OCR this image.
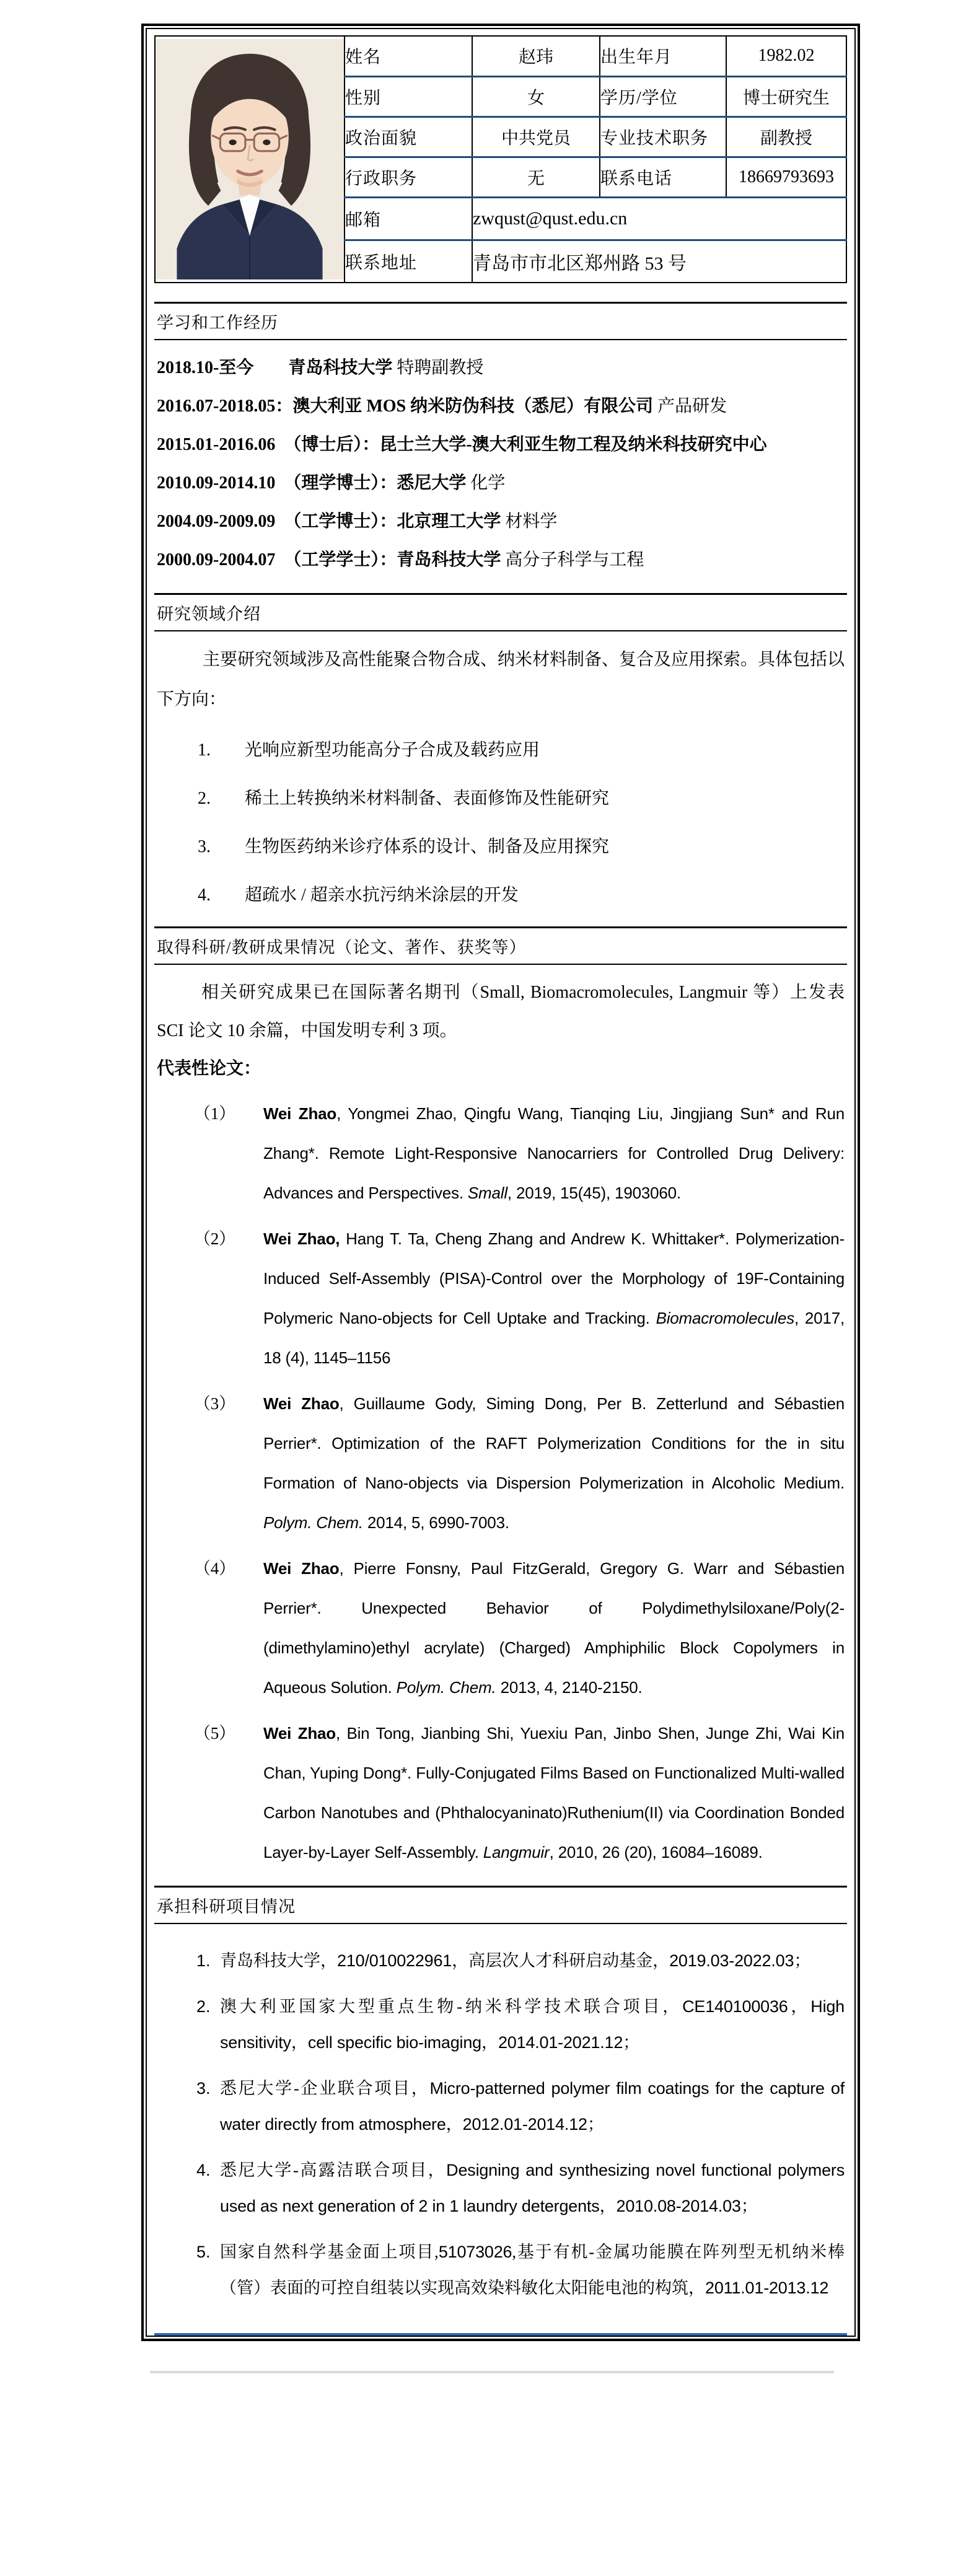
	姓名	赵玮	出生年月	1982.02
	性别	女	学历/学位	博士研究生
	政治面貌	中共党员	专业技术职务	副教授
	行政职务	无	联系电话	18669793693
	邮箱	zwqust@qust.edu.cn		
	联系地址	青岛市市北区郑州路 53 号		
学习和工作经历
2018.10-至今　　青岛科技大学 特聘副教授
2016.07-2018.05：澳大利亚 MOS 纳米防伪科技（悉尼）有限公司 产品研发
2015.01-2016.06　（博士后）：昆士兰大学-澳大利亚生物工程及纳米科技研究中心
2010.09-2014.10　（理学博士）：悉尼大学 化学
2004.09-2009.09　（工学博士）：北京理工大学 材料学
2000.09-2004.07　（工学学士）：青岛科技大学 高分子科学与工程
研究领域介绍
主要研究领域涉及高性能聚合物合成、纳米材料制备、复合及应用探索。具体包括以下方向：
1. 光响应新型功能高分子合成及载药应用
2. 稀土上转换纳米材料制备、表面修饰及性能研究
3. 生物医药纳米诊疗体系的设计、制备及应用探究
4. 超疏水 / 超亲水抗污纳米涂层的开发
取得科研/教研成果情况（论文、著作、获奖等）
相关研究成果已在国际著名期刊（Small, Biomacromolecules, Langmuir 等）上发表 SCI 论文 10 余篇，中国发明专利 3 项。
代表性论文：
（1） Wei Zhao, Yongmei Zhao, Qingfu Wang, Tianqing Liu, Jingjiang Sun* and Run Zhang*. Remote Light-Responsive Nanocarriers for Controlled Drug Delivery: Advances and Perspectives. Small, 2019, 15(45), 1903060.
（2） Wei Zhao, Hang T. Ta, Cheng Zhang and Andrew K. Whittaker*. Polymerization-Induced Self-Assembly (PISA)-Control over the Morphology of 19F-Containing Polymeric Nano-objects for Cell Uptake and Tracking. Biomacromolecules, 2017, 18 (4), 1145–1156
（3） Wei Zhao, Guillaume Gody, Siming Dong, Per B. Zetterlund and Sébastien Perrier*. Optimization of the RAFT Polymerization Conditions for the in situ Formation of Nano-objects via Dispersion Polymerization in Alcoholic Medium. Polym. Chem. 2014, 5, 6990-7003.
（4） Wei Zhao, Pierre Fonsny, Paul FitzGerald, Gregory G. Warr and Sébastien Perrier*. Unexpected Behavior of Polydimethylsiloxane/Poly(2-(dimethylamino)ethyl acrylate) (Charged) Amphiphilic Block Copolymers in Aqueous Solution. Polym. Chem. 2013, 4, 2140-2150.
（5） Wei Zhao, Bin Tong, Jianbing Shi, Yuexiu Pan, Jinbo Shen, Junge Zhi, Wai Kin Chan, Yuping Dong*. Fully-Conjugated Films Based on Functionalized Multi-walled Carbon Nanotubes and (Phthalocyaninato)Ruthenium(II) via Coordination Bonded Layer-by-Layer Self-Assembly. Langmuir, 2010, 26 (20), 16084–16089.
承担科研项目情况
1. 青岛科技大学，210/010022961，高层次人才科研启动基金，2019.03-2022.03；
2. 澳大利亚国家大型重点生物-纳米科学技术联合项目，CE140100036，High sensitivity，cell specific bio-imaging，2014.01-2021.12；
3. 悉尼大学-企业联合项目，Micro-patterned polymer film coatings for the capture of water directly from atmosphere，2012.01-2014.12；
4. 悉尼大学-高露洁联合项目，Designing and synthesizing novel functional polymers used as next generation of 2 in 1 laundry detergents，2010.08-2014.03；
5. 国家自然科学基金面上项目,51073026,基于有机-金属功能膜在阵列型无机纳米棒（管）表面的可控自组装以实现高效染料敏化太阳能电池的构筑，2011.01-2013.12
